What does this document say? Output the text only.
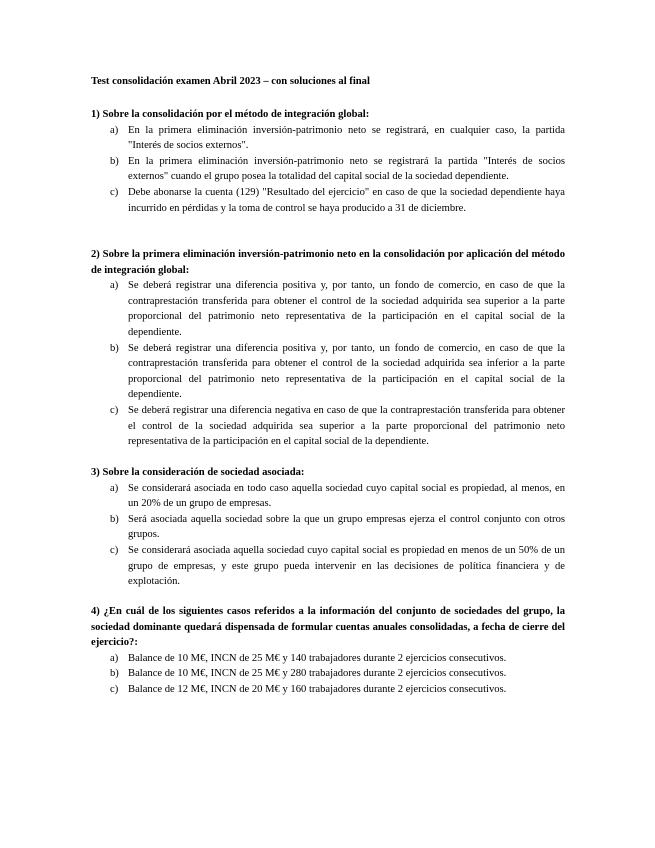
Test consolidación examen Abril 2023 – con soluciones al final
1) Sobre la consolidación por el método de integración global:
a) En la primera eliminación inversión-patrimonio neto se registrará, en cualquier caso, la partida "Interés de socios externos".
b) En la primera eliminación inversión-patrimonio neto se registrará la partida "Interés de socios externos" cuando el grupo posea la totalidad del capital social de la sociedad dependiente.
c) Debe abonarse la cuenta (129) "Resultado del ejercicio" en caso de que la sociedad dependiente haya incurrido en pérdidas y la toma de control se haya producido a 31 de diciembre.
2) Sobre la primera eliminación inversión-patrimonio neto en la consolidación por aplicación del método de integración global:
a) Se deberá registrar una diferencia positiva y, por tanto, un fondo de comercio, en caso de que la contraprestación transferida para obtener el control de la sociedad adquirida sea superior a la parte proporcional del patrimonio neto representativa de la participación en el capital social de la dependiente.
b) Se deberá registrar una diferencia positiva y, por tanto, un fondo de comercio, en caso de que la contraprestación transferida para obtener el control de la sociedad adquirida sea inferior a la parte proporcional del patrimonio neto representativa de la participación en el capital social de la dependiente.
c) Se deberá registrar una diferencia negativa en caso de que la contraprestación transferida para obtener el control de la sociedad adquirida sea superior a la parte proporcional del patrimonio neto representativa de la participación en el capital social de la dependiente.
3) Sobre la consideración de sociedad asociada:
a) Se considerará asociada en todo caso aquella sociedad cuyo capital social es propiedad, al menos, en un 20% de un grupo de empresas.
b) Será asociada aquella sociedad sobre la que un grupo empresas ejerza el control conjunto con otros grupos.
c) Se considerará asociada aquella sociedad cuyo capital social es propiedad en menos de un 50% de un grupo de empresas, y este grupo pueda intervenir en las decisiones de política financiera y de explotación.
4) ¿En cuál de los siguientes casos referidos a la información del conjunto de sociedades del grupo, la sociedad dominante quedará dispensada de formular cuentas anuales consolidadas, a fecha de cierre del ejercicio?:
a) Balance de 10 M€, INCN de 25 M€ y 140 trabajadores durante 2 ejercicios consecutivos.
b) Balance de 10 M€, INCN de 25 M€ y 280 trabajadores durante 2 ejercicios consecutivos.
c) Balance de 12 M€, INCN de 20 M€ y 160 trabajadores durante 2 ejercicios consecutivos.
